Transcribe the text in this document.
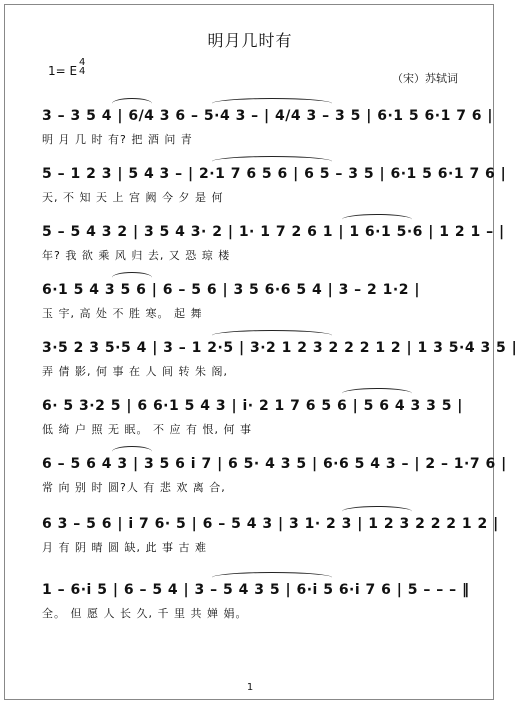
明月几时有
1= E
4
4
（宋）苏轼词
3 – 3 5 4 | 6/4 3 6 – 5·4 3 – | 4/4 3 – 3 5 | 6·1 5 6·1 7 6 |
明 月 几 时 有? 把 酒 问 青
5 – 1 2 3 | 5 4 3 – | 2·1 7 6 5 6 | 6 5 – 3 5 | 6·1 5 6·1 7 6 |
天, 不 知 天 上 宫 阙 今 夕 是 何
5 – 5 4 3 2 | 3 5 4 3· 2 | 1· 1 7 2 6 1 | 1 6·1 5·6 | 1 2 1 – |
年? 我 欲 乘 风 归 去, 又 恐 琼 楼
6·1 5 4 3 5 6 | 6 – 5 6 | 3 5 6·6 5 4 | 3 – 2 1·2 |
玉 宇, 高 处 不 胜 寒。 起 舞
3·5 2 3 5·5 4 | 3 – 1 2·5 | 3·2 1 2 3 2 2 2 1 2 | 1 3 5·4 3 5 |
弄 倩 影, 何 事 在 人 间 转 朱 阁,
6· 5 3·2 5 | 6 6·1 5 4 3 | i· 2 1 7 6 5 6 | 5 6 4 3 3 5 |
低 绮 户 照 无 眠。 不 应 有 恨, 何 事
6 – 5 6 4 3 | 3 5 6 i 7 | 6 5· 4 3 5 | 6·6 5 4 3 – | 2 – 1·7 6 |
常 向 别 时 圆?人 有 悲 欢 离 合,
6 3 – 5 6 | i 7 6· 5 | 6 – 5 4 3 | 3 1· 2 3 | 1 2 3 2 2 2 1 2 |
月 有 阴 晴 圆 缺, 此 事 古 难
1 – 6·i 5 | 6 – 5 4 | 3 – 5 4 3 5 | 6·i 5 6·i 7 6 | 5 – – – ‖
全。 但 愿 人 长 久, 千 里 共 婵 娟。
1
